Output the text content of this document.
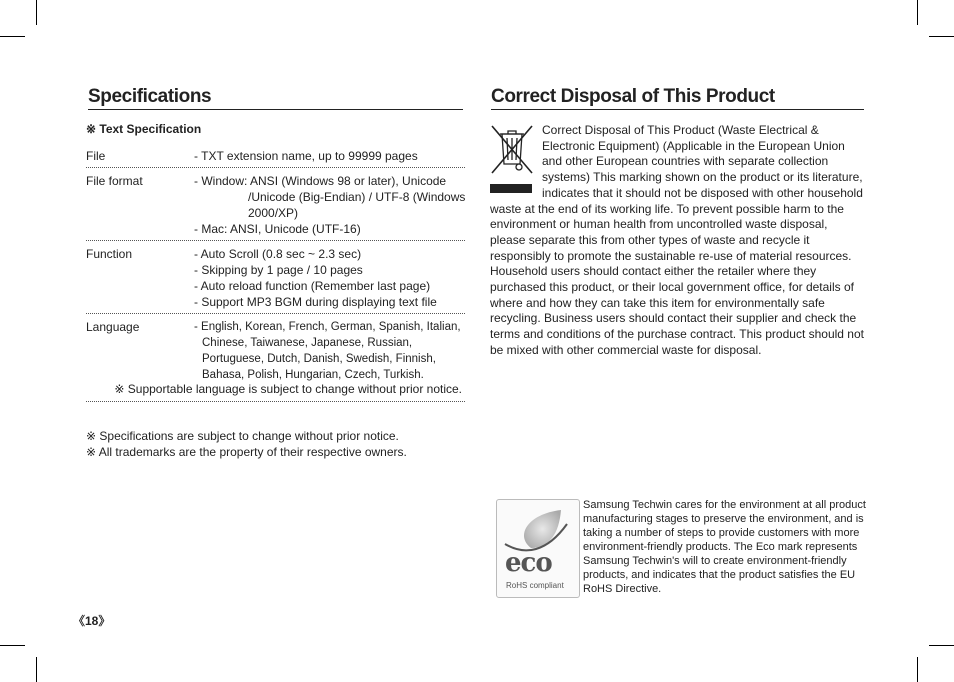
Specifications
※ Text Specification
File	- TXT extension name, up to 99999 pages
File format	- Window: ANSI (Windows 98 or later), Unicode
/Unicode (Big-Endian) / UTF-8 (Windows
2000/XP)
- Mac: ANSI, Unicode (UTF-16)
Function	- Auto Scroll (0.8 sec ~ 2.3 sec)
- Skipping by 1 page / 10 pages
- Auto reload function (Remember last page)
- Support MP3 BGM during displaying text file
Language	- English, Korean, French, German, Spanish, Italian, Chinese, Taiwanese, Japanese, Russian, Portuguese, Dutch, Danish, Swedish, Finnish, Bahasa, Polish, Hungarian, Czech, Turkish.
※ Supportable language is subject to change without prior notice.
※ Specifications are subject to change without prior notice.
※ All trademarks are the property of their respective owners.
《18》
Correct Disposal of This Product
Correct Disposal of This Product (Waste Electrical & Electronic Equipment) (Applicable in the European Union and other European countries with separate collection systems) This marking shown on the product or its literature, indicates that it should not be disposed with other household waste at the end of its working life. To prevent possible harm to the environment or human health from uncontrolled waste disposal, please separate this from other types of waste and recycle it responsibly to promote the sustainable re-use of material resources. Household users should contact either the retailer where they purchased this product, or their local government office, for details of where and how they can take this item for environmentally safe recycling. Business users should contact their supplier and check the terms and conditions of the purchase contract. This product should not be mixed with other commercial waste for disposal.
eco
RoHS compliant
Samsung Techwin cares for the environment at all product manufacturing stages to preserve the environment, and is taking a number of steps to provide customers with more environment-friendly products. The Eco mark represents Samsung Techwin's will to create environment-friendly products, and indicates that the product satisfies the EU RoHS Directive.
